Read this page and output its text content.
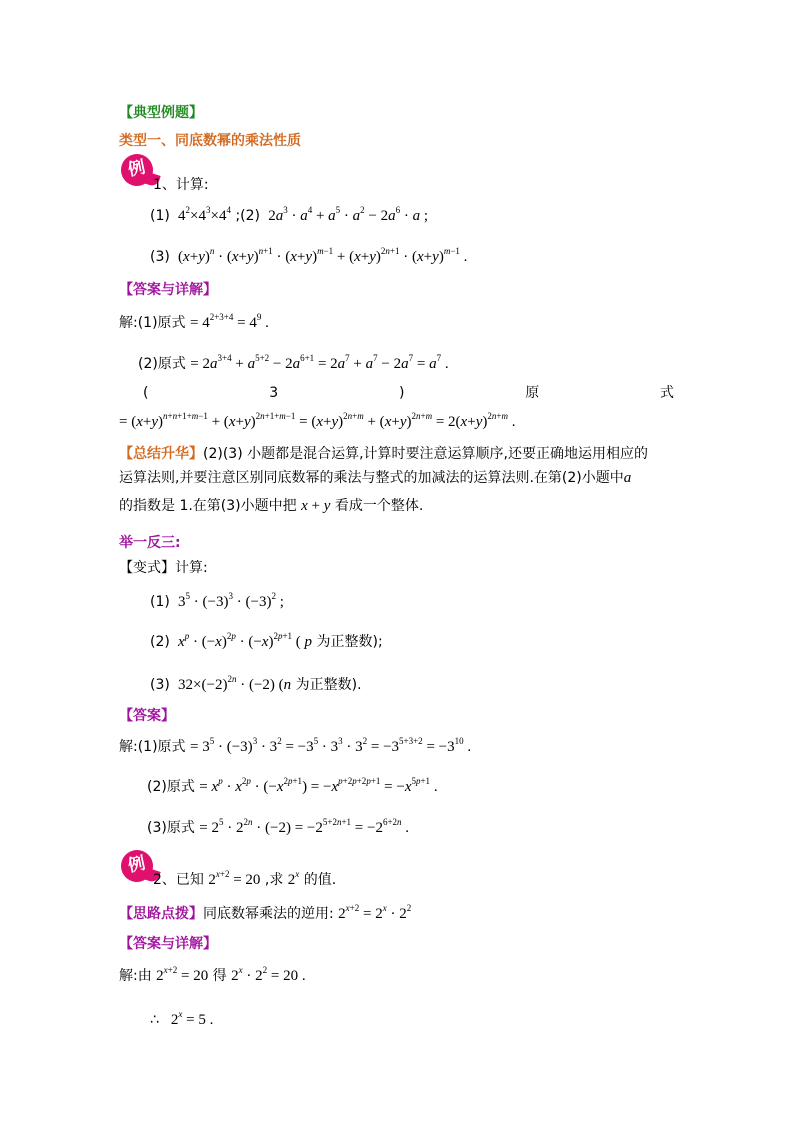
【典型例题】
类型一、同底数幂的乘法性质
例
1、计算:
(1)  $4^2\times 4^3\times 4^4$ ;(2)  $2a^3 \cdot a^4 + a^5 \cdot a^2 - 2a^6 \cdot a$ ;
(3)  $(x+y)^n \cdot (x+y)^{n+1} \cdot (x+y)^{m-1} + (x+y)^{2n+1} \cdot (x+y)^{m-1}$ .
【答案与详解】
解:(1)原式 = $4^{2+3+4} = 4^9$ .
(2)原式 = $2a^{3+4} + a^{5+2} - 2a^{6+1} = 2a^7 + a^7 - 2a^7 = a^7$ .
(	3	)	原	式
= $(x+y)^{n+n+1+m-1} + (x+y)^{2n+1+m-1} = (x+y)^{2n+m} + (x+y)^{2n+m} = 2(x+y)^{2n+m}$ .
【总结升华】(2)(3) 小题都是混合运算,计算时要注意运算顺序,还要正确地运用相应的
运算法则,并要注意区别同底数幂的乘法与整式的加减法的运算法则.在第(2)小题中a
的指数是 1.在第(3)小题中把 x + y 看成一个整体.
举一反三:
【变式】计算:
(1)  $3^5 \cdot (-3)^3 \cdot (-3)^2$ ;
(2) $x^p \cdot (-x)^{2p} \cdot (-x)^{2p+1}$ ( p 为正整数);
(3)  $32\times(-2)^{2n} \cdot (-2)$ (n 为正整数).
【答案】
解:(1)原式 = $3^5 \cdot (-3)^3 \cdot 3^2 = -3^5 \cdot 3^3 \cdot 3^2 = -3^{5+3+2} = -3^{10}$ .
(2)原式 = $x^p \cdot x^{2p} \cdot (-x^{2p+1}) = -x^{p+2p+2p+1} = -x^{5p+1}$ .
(3)原式 = $2^5 \cdot 2^{2n} \cdot (-2) = -2^{5+2n+1} = -2^{6+2n}$ .
例
2、已知 $2^{x+2} = 20$ ,求 2$^x$ 的值.
【思路点拨】同底数幂乘法的逆用: $2^{x+2} = 2^x \cdot 2^2$
【答案与详解】
解:由 $2^{x+2} = 20$ 得 $2^x \cdot 2^2 = 20$ .
∴   $2^x = 5$ .
